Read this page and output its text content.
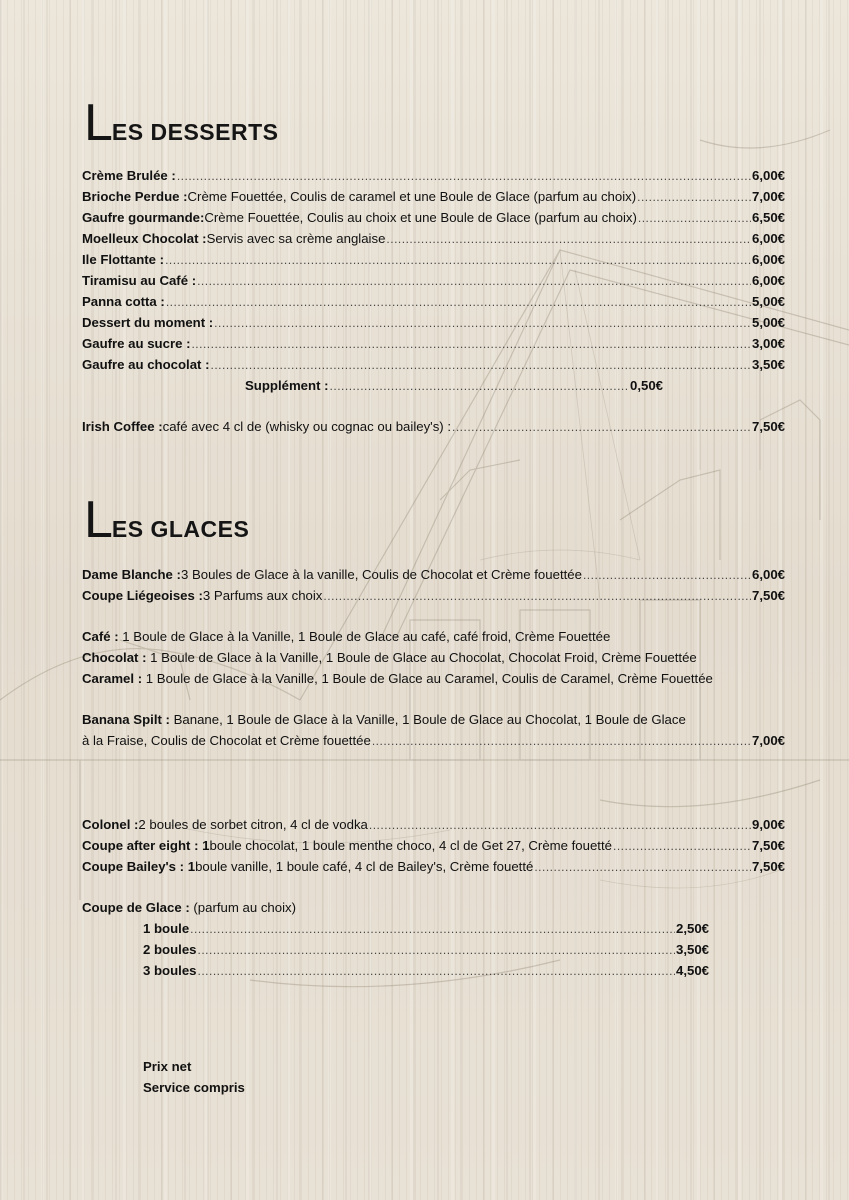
LES DESSERTS
Crème Brulée : .....	6,00€
Brioche Perdue : Crème Fouettée, Coulis de caramel et une Boule de Glace (parfum au choix) .....	7,00€
Gaufre gourmande: Crème Fouettée, Coulis au choix et une Boule de Glace (parfum au choix) .....	6,50€
Moelleux Chocolat : Servis avec sa crème anglaise .....	6,00€
Ile Flottante : .....	6,00€
Tiramisu au Café : .....	6,00€
Panna cotta : .....	5,00€
Dessert du moment : .....	5,00€
Gaufre au sucre : .....	3,00€
Gaufre au chocolat : .....	3,50€
Supplément : .....	0,50€
Irish Coffee : café avec 4 cl de (whisky ou cognac ou bailey's) : .....	7,50€
LES GLACES
Dame Blanche : 3 Boules de Glace à la vanille, Coulis de Chocolat et Crème fouettée .....	6,00€
Coupe Liégeoises : 3 Parfums aux choix .....	7,50€
Café : 1 Boule de Glace à la Vanille, 1 Boule de Glace au café, café froid, Crème Fouettée
Chocolat : 1 Boule de Glace à la Vanille, 1 Boule de Glace au Chocolat, Chocolat Froid, Crème Fouettée
Caramel : 1 Boule de Glace à la Vanille, 1 Boule de Glace au Caramel, Coulis de Caramel, Crème Fouettée
Banana Spilt : Banane, 1 Boule de Glace à la Vanille, 1 Boule de Glace au Chocolat, 1 Boule de Glace
à la Fraise, Coulis de Chocolat et Crème fouettée .....	7,00€
Colonel : 2 boules de sorbet citron, 4 cl de vodka .....	9,00€
Coupe after eight : 1 boule chocolat, 1 boule menthe choco, 4 cl de Get 27, Crème fouetté .....	7,50€
Coupe Bailey's : 1 boule vanille, 1 boule café, 4 cl de Bailey's, Crème fouetté .....	7,50€
Coupe de Glace : (parfum au choix)
1 boule .....	2,50€
2 boules .....	3,50€
3 boules .....	4,50€
Prix net
Service compris
